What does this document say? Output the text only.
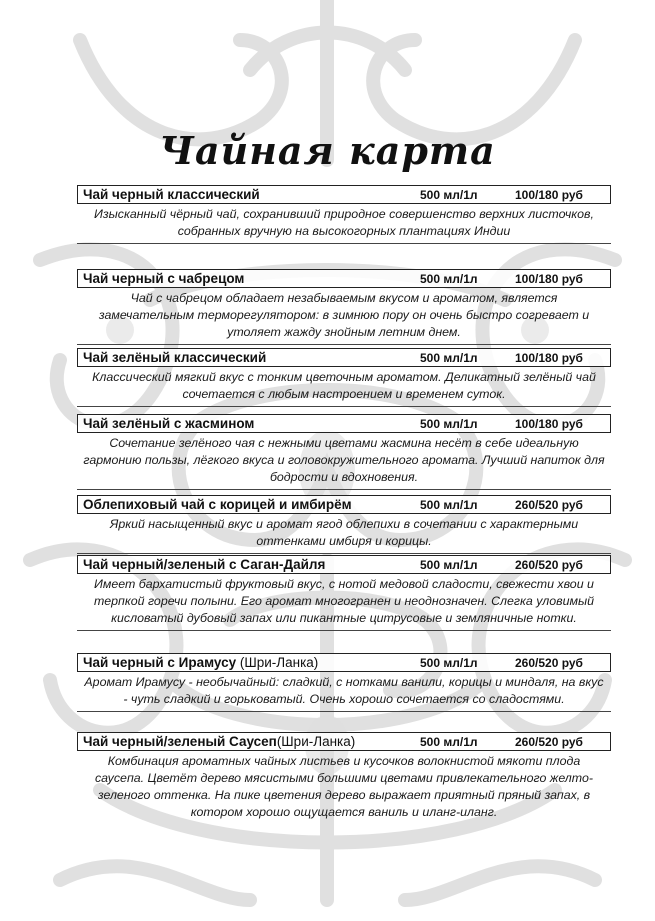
Чайная карта
Чай черный классический	500 мл/1л	100/180 руб

Изысканный чёрный чай, сохранивший природное совершенство верхних листочков, собранных вручную на высокогорных плантациях Индии

Чай черный с чабрецом	500 мл/1л	100/180 руб

Чай с чабрецом обладает незабываемым вкусом и ароматом, является замечательным терморегулятором: в зимнюю пору он очень быстро согревает и утоляет жажду знойным летним днем.

Чай зелёный классический	500 мл/1л	100/180 руб

Классический мягкий вкус с тонким цветочным ароматом. Деликатный зелёный чай сочетается с любым настроением и временем суток.

Чай зелёный с жасмином	500 мл/1л	100/180 руб

Сочетание зелёного чая с нежными цветами жасмина несёт в себе идеальную гармонию пользы, лёгкого вкуса и головокружительного аромата. Лучший напиток для бодрости и вдохновения.

Облепиховый чай с корицей и имбирём	500 мл/1л	260/520 руб

Яркий насыщенный вкус и аромат ягод облепихи в сочетании с характерными оттенками имбиря и корицы.

Чай черный/зеленый с Саган-Дайля	500 мл/1л	260/520 руб

Имеет бархатистый фруктовый вкус, с нотой медовой сладости, свежести хвои и терпкой горечи полыни. Его аромат многогранен и неоднозначен. Слегка уловимый кисловатый дубовый запах или пикантные цитрусовые и земляничные нотки.

Чай черный с Ирамусу (Шри-Ланка)	500 мл/1л	260/520 руб

Аромат Ирамусу - необычайный: сладкий, с нотками ванили, корицы и миндаля, на вкус - чуть сладкий и горьковатый. Очень хорошо сочетается со сладостями.

Чай черный/зеленый Саусеп(Шри-Ланка)	500 мл/1л	260/520 руб

Комбинация ароматных чайных листьев и кусочков волокнистой мякоти плода саусепа. Цветёт дерево мясистыми большими цветами привлекательного желто-зеленого оттенка. На пике цветения дерево выражает приятный пряный запах, в котором хорошо ощущается ваниль и иланг-иланг.
